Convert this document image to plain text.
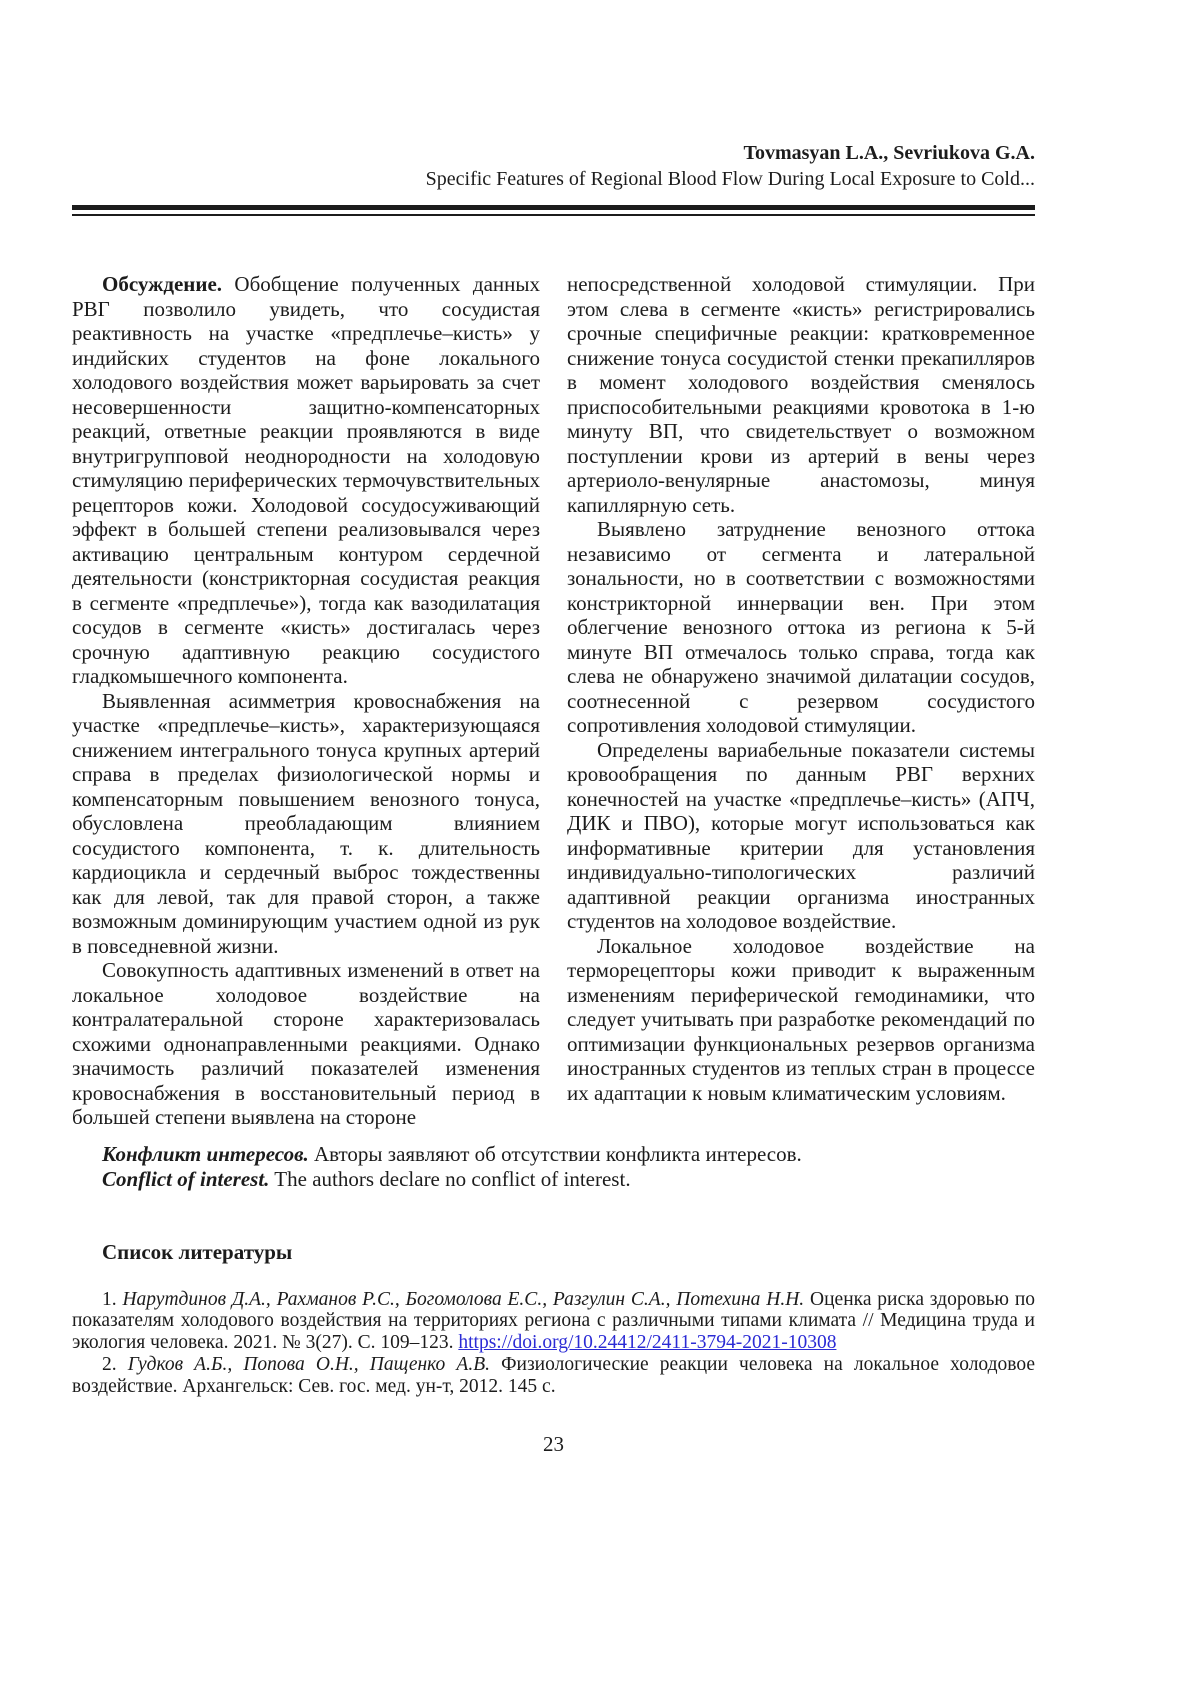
Tovmasyan L.A., Sevriukova G.A.
Specific Features of Regional Blood Flow During Local Exposure to Cold...

Обсуждение. Обобщение полученных данных РВГ позволило увидеть, что сосудистая реактивность на участке «предплечье–кисть» у индийских студентов на фоне локального холодового воздействия может варьировать за счет несовершенности защитно-компенсаторных реакций, ответные реакции проявляются в виде внутригрупповой неоднородности на холодовую стимуляцию периферических термочувствительных рецепторов кожи. Холодовой сосудосуживающий эффект в большей степени реализовывался через активацию центральным контуром сердечной деятельности (констрикторная сосудистая реакция в сегменте «предплечье»), тогда как вазодилатация сосудов в сегменте «кисть» достигалась через срочную адаптивную реакцию сосудистого гладкомышечного компонента.

Выявленная асимметрия кровоснабжения на участке «предплечье–кисть», характеризующаяся снижением интегрального тонуса крупных артерий справа в пределах физиологической нормы и компенсаторным повышением венозного тонуса, обусловлена преобладающим влиянием сосудистого компонента, т. к. длительность кардиоцикла и сердечный выброс тождественны как для левой, так для правой сторон, а также возможным доминирующим участием одной из рук в повседневной жизни.

Совокупность адаптивных изменений в ответ на локальное холодовое воздействие на контралатеральной стороне характеризовалась схожими однонаправленными реакциями. Однако значимость различий показателей изменения кровоснабжения в восстановительный период в большей степени выявлена на стороне

непосредственной холодовой стимуляции. При этом слева в сегменте «кисть» регистрировались срочные специфичные реакции: кратковременное снижение тонуса сосудистой стенки прекапилляров в момент холодового воздействия сменялось приспособительными реакциями кровотока в 1-ю минуту ВП, что свидетельствует о возможном поступлении крови из артерий в вены через артериоло-венулярные анастомозы, минуя капиллярную сеть.

Выявлено затруднение венозного оттока независимо от сегмента и латеральной зональности, но в соответствии с возможностями констрикторной иннервации вен. При этом облегчение венозного оттока из региона к 5-й минуте ВП отмечалось только справа, тогда как слева не обнаружено значимой дилатации сосудов, соотнесенной с резервом сосудистого сопротивления холодовой стимуляции.

Определены вариабельные показатели системы кровообращения по данным РВГ верхних конечностей на участке «предплечье–кисть» (АПЧ, ДИК и ПВО), которые могут использоваться как информативные критерии для установления индивидуально-типологических различий адаптивной реакции организма иностранных студентов на холодовое воздействие.

Локальное холодовое воздействие на терморецепторы кожи приводит к выраженным изменениям периферической гемодинамики, что следует учитывать при разработке рекомендаций по оптимизации функциональных резервов организма иностранных студентов из теплых стран в процессе их адаптации к новым климатическим условиям.

Конфликт интересов. Авторы заявляют об отсутствии конфликта интересов.

Conflict of interest. The authors declare no conflict of interest.

Список литературы

1. Нарутдинов Д.А., Рахманов Р.С., Богомолова Е.С., Разгулин С.А., Потехина Н.Н. Оценка риска здоровью по показателям холодового воздействия на территориях региона с различными типами климата // Медицина труда и экология человека. 2021. № 3(27). С. 109–123. https://doi.org/10.24412/2411-3794-2021-10308

2. Гудков А.Б., Попова О.Н., Пащенко А.В. Физиологические реакции человека на локальное холодовое воздействие. Архангельск: Сев. гос. мед. ун-т, 2012. 145 с.

23
